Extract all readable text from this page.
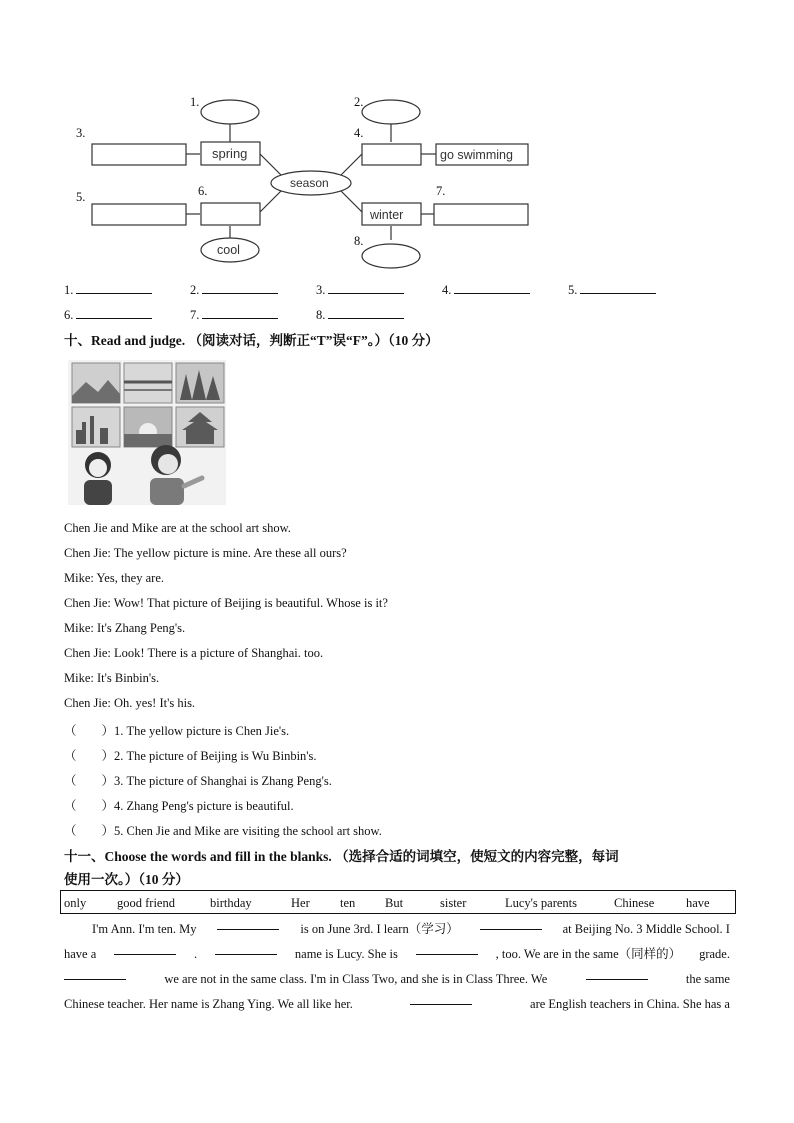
1.	2.
3.	4.
5.	6.	7.
8.
spring
season
go swimming
winter
cool
1.	2.	3.	4.	5.
6.	7.	8.
十、Read and judge. （阅读对话，判断正“T”误“F”。）（10 分）
Chen Jie and Mike are at the school art show.
Chen Jie: The yellow picture is mine. Are these all ours?
Mike: Yes, they are.
Chen Jie: Wow! That picture of Beijing is beautiful. Whose is it?
Mike: It's Zhang Peng's.
Chen Jie: Look! There is a picture of Shanghai. too.
Mike: It's Binbin's.
Chen Jie: Oh. yes! It's his.
（　　）1. The yellow picture is Chen Jie's.
（　　）2. The picture of Beijing is Wu Binbin's.
（　　）3. The picture of Shanghai is Zhang Peng's.
（　　）4. Zhang Peng's picture is beautiful.
（　　）5. Chen Jie and Mike are visiting the school art show.
十一、Choose the words and fill in the blanks. （选择合适的词填空，使短文的内容完整，每词
使用一次。）（10 分）
only good friend	birthday	Her ten But	sister	Lucy's parents	Chinese	have
I'm Ann. I'm ten. My	is on June 3rd. I learn（学习）	at Beijing No. 3 Middle School. I
have a	.	name is Lucy. She is	, too. We are in the same（同样的） grade.
we are not in the same class. I'm in Class Two, and she is in Class Three. We	the same
Chinese teacher. Her name is Zhang Ying. We all like her.	are English teachers in China. She has a
